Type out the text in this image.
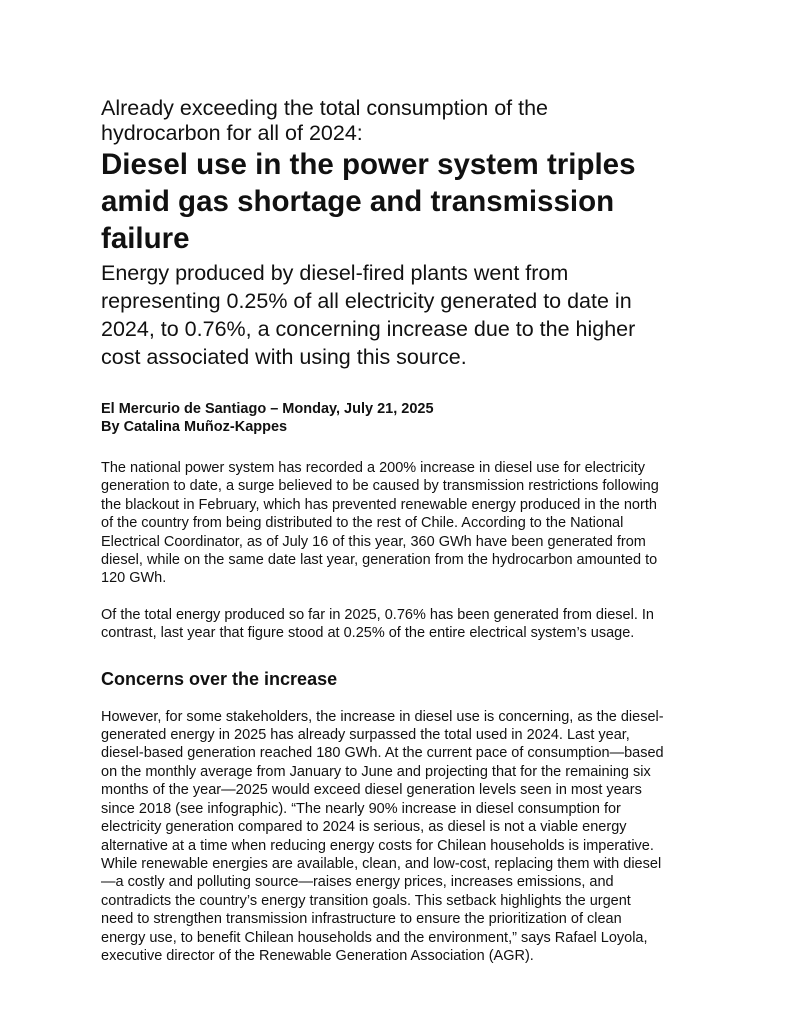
Already exceeding the total consumption of the
hydrocarbon for all of 2024:
Diesel use in the power system triples
amid gas shortage and transmission
failure
Energy produced by diesel-fired plants went from
representing 0.25% of all electricity generated to date in
2024, to 0.76%, a concerning increase due to the higher
cost associated with using this source.
El Mercurio de Santiago – Monday, July 21, 2025
By Catalina Muñoz-Kappes
The national power system has recorded a 200% increase in diesel use for electricity
generation to date, a surge believed to be caused by transmission restrictions following
the blackout in February, which has prevented renewable energy produced in the north
of the country from being distributed to the rest of Chile. According to the National
Electrical Coordinator, as of July 16 of this year, 360 GWh have been generated from
diesel, while on the same date last year, generation from the hydrocarbon amounted to
120 GWh.
Of the total energy produced so far in 2025, 0.76% has been generated from diesel. In
contrast, last year that figure stood at 0.25% of the entire electrical system’s usage.
Concerns over the increase
However, for some stakeholders, the increase in diesel use is concerning, as the diesel-
generated energy in 2025 has already surpassed the total used in 2024. Last year,
diesel-based generation reached 180 GWh. At the current pace of consumption—based
on the monthly average from January to June and projecting that for the remaining six
months of the year—2025 would exceed diesel generation levels seen in most years
since 2018 (see infographic). “The nearly 90% increase in diesel consumption for
electricity generation compared to 2024 is serious, as diesel is not a viable energy
alternative at a time when reducing energy costs for Chilean households is imperative.
While renewable energies are available, clean, and low-cost, replacing them with diesel
—a costly and polluting source—raises energy prices, increases emissions, and
contradicts the country’s energy transition goals. This setback highlights the urgent
need to strengthen transmission infrastructure to ensure the prioritization of clean
energy use, to benefit Chilean households and the environment,” says Rafael Loyola,
executive director of the Renewable Generation Association (AGR).
